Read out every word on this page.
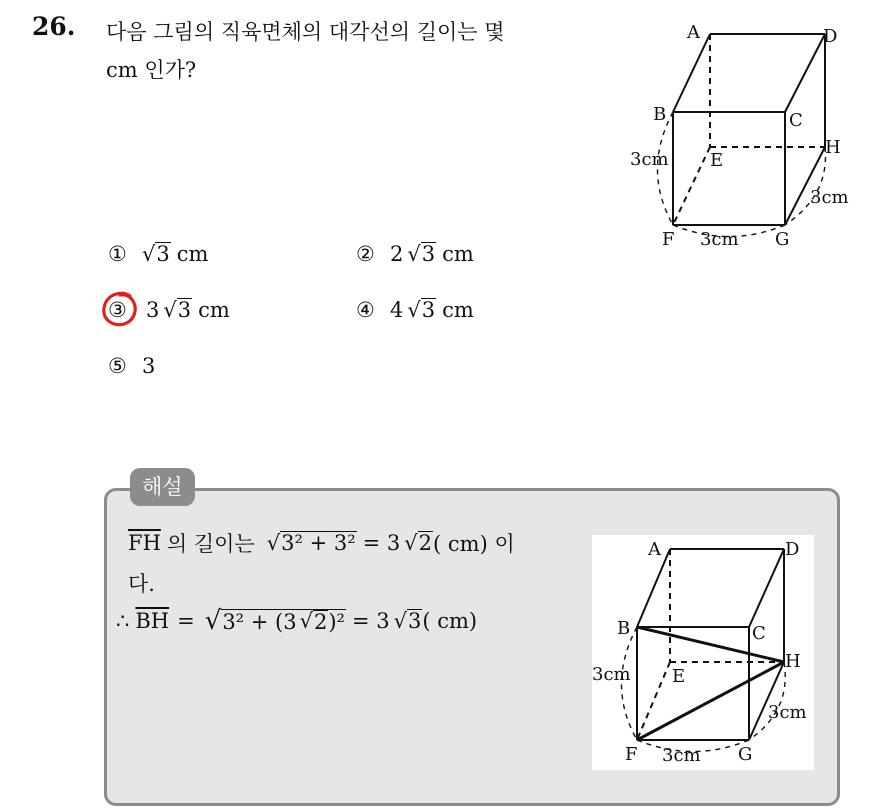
26. 다음 그림의 직육면체의 대각선의 길이는 몇
cm 인가?
A	D
B	C
E
H
F	G
3cm
3cm
3cm
① √ 3 cm	② 2 √ 3 cm
③ 3 √ 3 cm	④ 4 √ 3 cm
⑤ 3
해설
$\overline{FH}$ 의 길이는 √ 3² + 3² = 3 √ 2 ( cm) 이
다.
∴ $\overline{BH}$ = √ 3² + (3 √ 2 )² = 3 √ 3 ( cm)
A	D
B	C
E
H
F	G
3cm
3cm
3cm
